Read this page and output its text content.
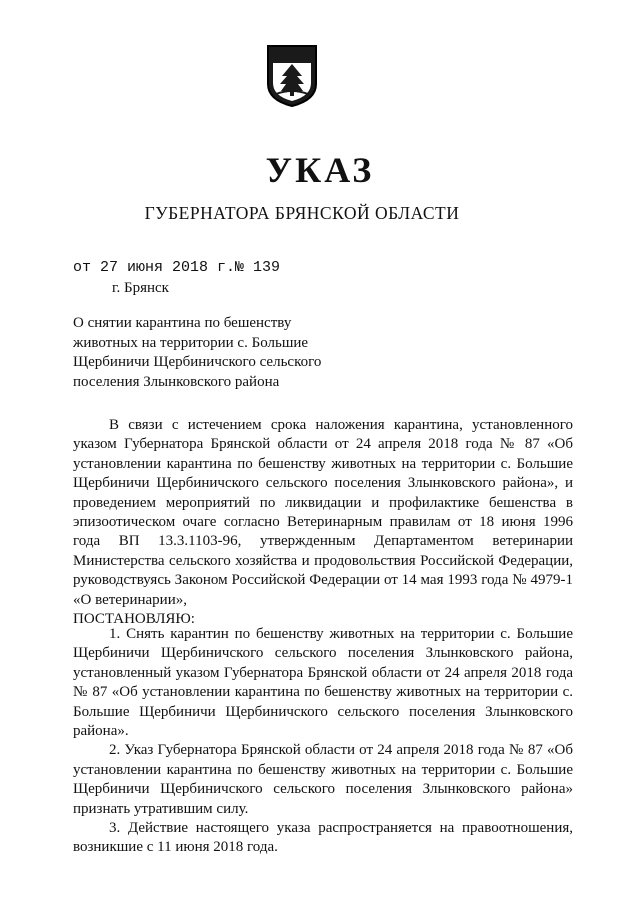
УКАЗ
ГУБЕРНАТОРА БРЯНСКОЙ ОБЛАСТИ
от 27 июня 2018 г. № 139
г. Брянск
О снятии карантина по бешенству
животных на территории с. Большие
Щербиничи Щербиничского сельского
поселения Злынковского района
В связи с истечением срока наложения карантина, установленного указом Губернатора Брянской области от 24 апреля 2018 года № 87 «Об установлении карантина по бешенству животных на территории с. Большие Щербиничи Щербиничского сельского поселения Злынковского района», и проведением мероприятий по ликвидации и профилактике бешенства в эпизоотическом очаге согласно Ветеринарным правилам от 18 июня 1996 года ВП 13.3.1103-96, утвержденным Департаментом ветеринарии Министерства сельского хозяйства и продовольствия Российской Федерации, руководствуясь Законом Российской Федерации от 14 мая 1993 года № 4979-1 «О ветеринарии»,
ПОСТАНОВЛЯЮ:
1. Снять карантин по бешенству животных на территории с. Большие Щербиничи Щербиничского сельского поселения Злынковского района, установленный указом Губернатора Брянской области от 24 апреля 2018 года № 87 «Об установлении карантина по бешенству животных на территории с. Большие Щербиничи Щербиничского сельского поселения Злынковского района».
2. Указ Губернатора Брянской области от 24 апреля 2018 года № 87 «Об установлении карантина по бешенству животных на территории с. Большие Щербиничи Щербиничского сельского поселения Злынковского района» признать утратившим силу.
3. Действие настоящего указа распространяется на правоотношения, возникшие с 11 июня 2018 года.
